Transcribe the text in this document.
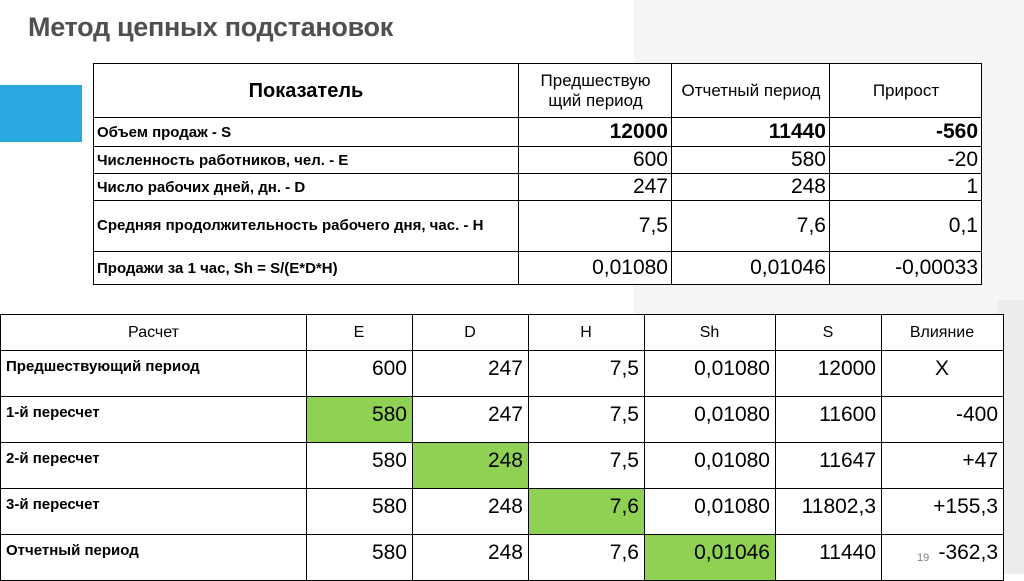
Метод цепных подстановок
Показатель	Предшествую щий период	Отчетный период	Прирост
Объем продаж - S	12000	11440	-560
Численность работников, чел. - E	600	580	-20
Число рабочих дней, дн. - D	247	248	1
Средняя продолжительность рабочего дня, час. - H	7,5	7,6	0,1
Продажи за 1 час, Sh = S/(E*D*H)	0,01080	0,01046	-0,00033
Расчет	E	D	H	Sh	S	Влияние
Предшествующий период	600	247	7,5	0,01080	12000	X
1-й пересчет	580	247	7,5	0,01080	11600	-400
2-й пересчет	580	248	7,5	0,01080	11647	+47
3-й пересчет	580	248	7,6	0,01080	11802,3	+155,3
Отчетный период	580	248	7,6	0,01046	11440	-362,3
19
